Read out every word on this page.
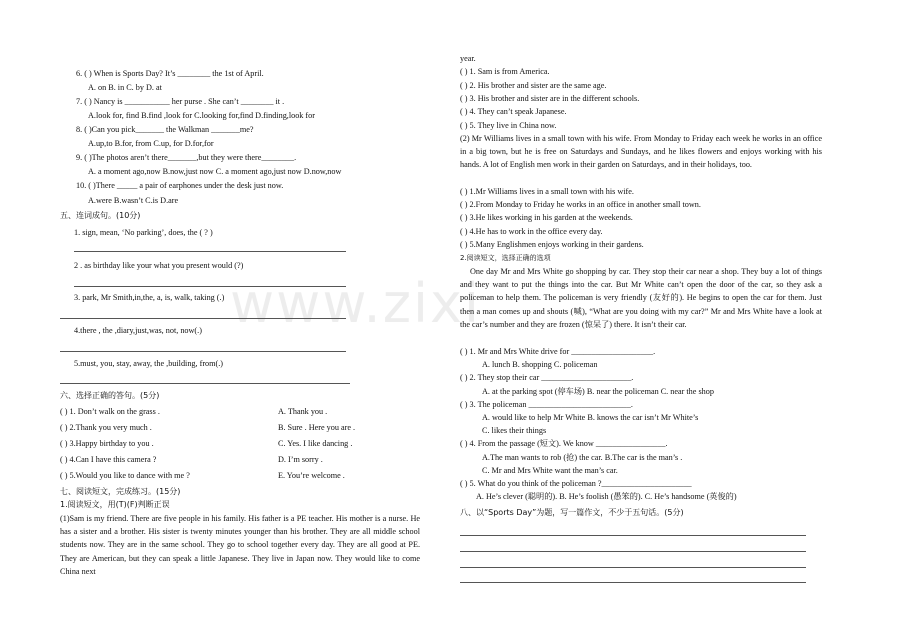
www.zixi
6. ( ) When is Sports Day? It’s ________ the 1st of April.
A. on B. in C. by D. at
7. ( ) Nancy is ___________ her purse . She can’t ________ it .
A.look for, find B.find ,look for C.looking for,find D.finding,look for
8. ( )Can you pick_______ the Walkman _______me?
A.up,to B.for, from C.up, for D.for,for
9. ( )The photos aren’t there_______,but they were there________.
A. a moment ago,now B.now,just now C. a moment ago,just now D.now,now
10. ( )There _____ a pair of earphones under the desk just now.
A.were B.wasn’t C.is D.are
五、连词成句。(10分)
1. sign, mean, ‘No parking’, does, the ( ? )
2 . as birthday like your what you present would (?)
3. park, Mr Smith,in,the, a, is, walk, taking (.)
4.there , the ,diary,just,was, not, now(.)
5.must, you, stay, away, the ,building, from(.)
六、选择正确的答句。(5分)
( ) 1. Don’t walk on the grass .	A. Thank you .
( ) 2.Thank you very much .	B. Sure . Here you are .
( ) 3.Happy birthday to you .	C. Yes. I like dancing .
( ) 4.Can I have this camera ?	D. I’m sorry .
( ) 5.Would you like to dance with me ?	E. You’re welcome .
七、阅读短文，完成练习。(15分)
1.阅读短文，用(T)(F)判断正误
(1)Sam is my friend. There are five people in his family. His father is a PE teacher. His mother is a nurse. He has a sister and a brother. His sister is twenty minutes younger than his brother. They are all middle school students now. They are in the same school. They go to school together every day. They are all good at PE. They are American, but they can speak a little Japanese. They live in Japan now. They would like to come China next
year.
( ) 1. Sam is from America.
( ) 2. His brother and sister are the same age.
( ) 3. His brother and sister are in the different schools.
( ) 4. They can’t speak Japanese.
( ) 5. They live in China now.
(2) Mr Williams lives in a small town with his wife. From Monday to Friday each week he works in an office in a big town, but he is free on Saturdays and Sundays, and he likes flowers and enjoys working with his hands. A lot of English men work in their garden on Saturdays, and in their holidays, too.
( ) 1.Mr Williams lives in a small town with his wife.
( ) 2.From Monday to Friday he works in an office in another small town.
( ) 3.He likes working in his garden at the weekends.
( ) 4.He has to work in the office every day.
( ) 5.Many Englishmen enjoys working in their gardens.
2.阅读短文，选择正确的选项
One day Mr and Mrs White go shopping by car. They stop their car near a shop. They buy a lot of things and they want to put the things into the car. But Mr White can’t open the door of the car, so they ask a policeman to help them. The policeman is very friendly (友好的). He begins to open the car for them. Just then a man comes up and shouts (喊), “What are you doing with my car?” Mr and Mrs White have a look at the car’s number and they are frozen (惊呆了) there. It isn’t their car.
( ) 1. Mr and Mrs White drive for ____________________.
A. lunch B. shopping C. policeman
( ) 2. They stop their car ______________________.
A. at the parking spot (停车场) B. near the policeman C. near the shop
( ) 3. The policeman _________________________.
A. would like to help Mr White B. knows the car isn’t Mr White’s
C. likes their things
( ) 4. From the passage (短文). We know _________________.
A.The man wants to rob (抢) the car. B.The car is the man’s .
C. Mr and Mrs White want the man’s car.
( ) 5. What do you think of the policeman ?______________________
A. He’s clever (聪明的). B. He’s foolish (愚笨的). C. He’s handsome (英俊的)
八、以“Sports Day”为题，写一篇作文，不少于五句话。(5分)
